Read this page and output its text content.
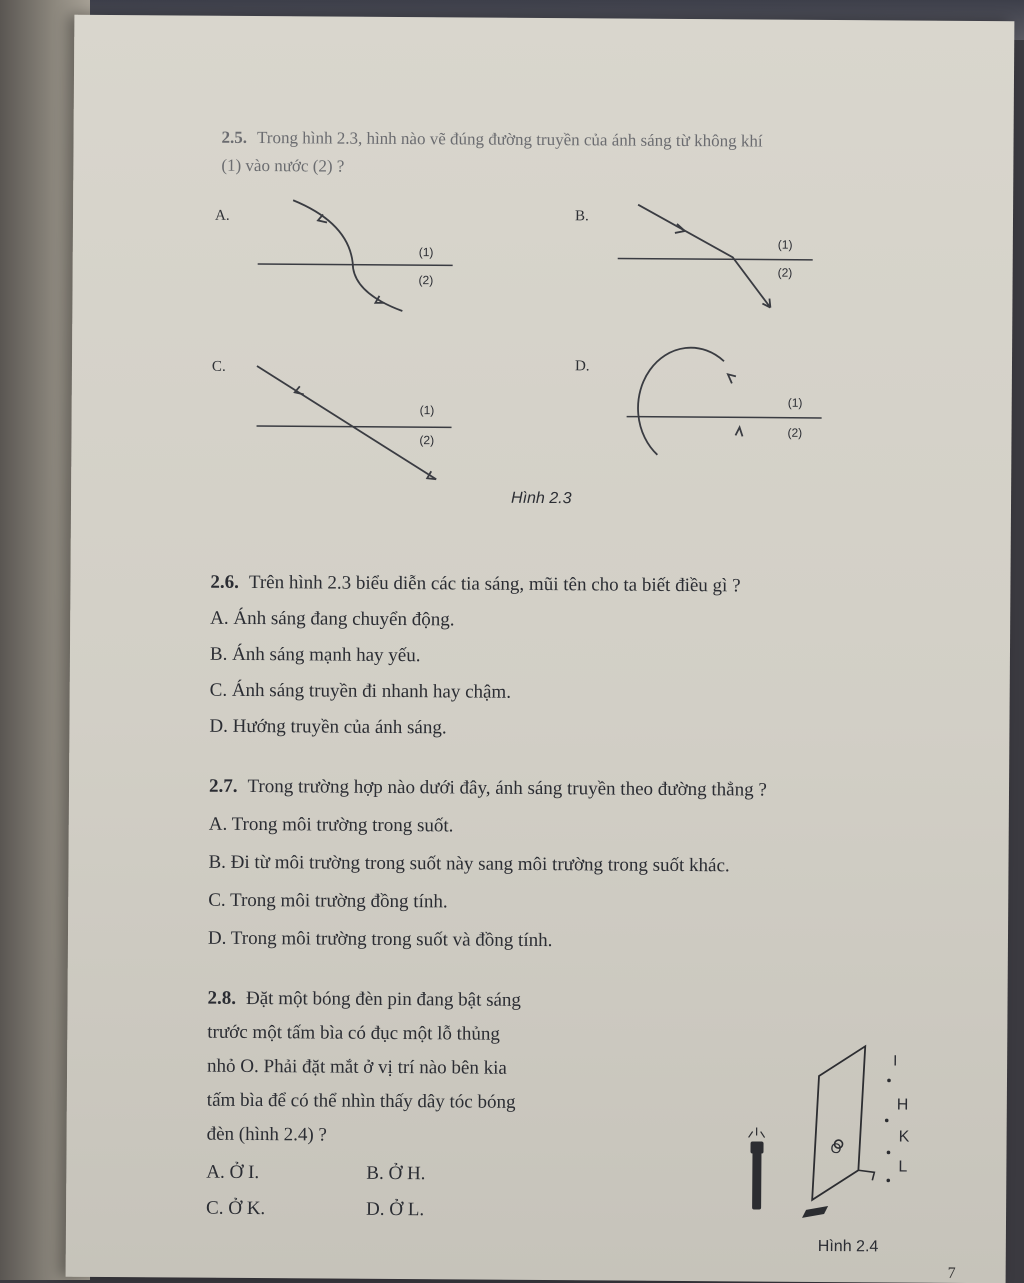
2.5. Trong hình 2.3, hình nào vẽ đúng đường truyền của ánh sáng từ không khí
(1) vào nước (2) ?
A.
(1)
(2)
B.
(1)
(2)
C.
(1)
(2)
D.
(1)
(2)
Hình 2.3
2.6. Trên hình 2.3 biểu diễn các tia sáng, mũi tên cho ta biết điều gì ?
A. Ánh sáng đang chuyển động.
B. Ánh sáng mạnh hay yếu.
C. Ánh sáng truyền đi nhanh hay chậm.
D. Hướng truyền của ánh sáng.
2.7. Trong trường hợp nào dưới đây, ánh sáng truyền theo đường thẳng ?
A. Trong môi trường trong suốt.
B. Đi từ môi trường trong suốt này sang môi trường trong suốt khác.
C. Trong môi trường đồng tính.
D. Trong môi trường trong suốt và đồng tính.
2.8. Đặt một bóng đèn pin đang bật sáng
trước một tấm bìa có đục một lỗ thủng
nhỏ O. Phải đặt mắt ở vị trí nào bên kia
tấm bìa để có thể nhìn thấy dây tóc bóng
đèn (hình 2.4) ?
A. Ở I.	B. Ở H.
C. Ở K.	D. Ở L.
I
H
K
L
O
Hình 2.4
7
